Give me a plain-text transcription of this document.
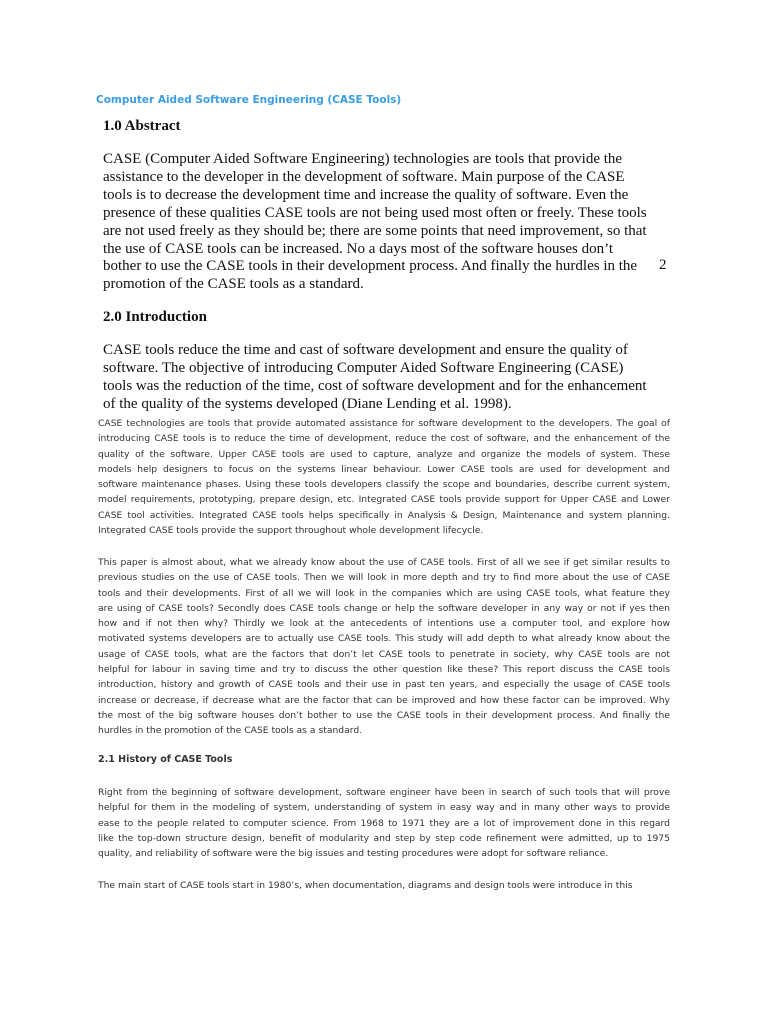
Computer Aided Software Engineering (CASE Tools)
1.0 Abstract
CASE (Computer Aided Software Engineering) technologies are tools that provide the
assistance to the developer in the development of software. Main purpose of the CASE
tools is to decrease the development time and increase the quality of software. Even the
presence of these qualities CASE tools are not being used most often or freely. These tools
are not used freely as they should be; there are some points that need improvement, so that
the use of CASE tools can be increased. No a days most of the software houses don’t
bother to use the CASE tools in their development process. And finally the hurdles in the
promotion of the CASE tools as a standard.
2
2.0 Introduction
CASE tools reduce the time and cast of software development and ensure the quality of
software. The objective of introducing Computer Aided Software Engineering (CASE)
tools was the reduction of the time, cost of software development and for the enhancement
of the quality of the systems developed (Diane Lending et al. 1998).
CASE technologies are tools that provide automated assistance for software development to the developers. The goal of
introducing CASE tools is to reduce the time of development, reduce the cost of software, and the enhancement of the
quality of the software. Upper CASE tools are used to capture, analyze and organize the models of system. These
models help designers to focus on the systems linear behaviour. Lower CASE tools are used for development and
software maintenance phases. Using these tools developers classify the scope and boundaries, describe current system,
model requirements, prototyping, prepare design, etc. Integrated CASE tools provide support for Upper CASE and Lower
CASE tool activities. Integrated CASE tools helps specifically in Analysis & Design, Maintenance and system planning.
Integrated CASE tools provide the support throughout whole development lifecycle.
This paper is almost about, what we already know about the use of CASE tools. First of all we see if get similar results to
previous studies on the use of CASE tools. Then we will look in more depth and try to find more about the use of CASE
tools and their developments. First of all we will look in the companies which are using CASE tools, what feature they
are using of CASE tools? Secondly does CASE tools change or help the software developer in any way or not if yes then
how and if not then why? Thirdly we look at the antecedents of intentions use a computer tool, and explore how
motivated systems developers are to actually use CASE tools. This study will add depth to what already know about the
usage of CASE tools, what are the factors that don’t let CASE tools to penetrate in society, why CASE tools are not
helpful for labour in saving time and try to discuss the other question like these? This report discuss the CASE tools
introduction, history and growth of CASE tools and their use in past ten years, and especially the usage of CASE tools
increase or decrease, if decrease what are the factor that can be improved and how these factor can be improved. Why
the most of the big software houses don’t bother to use the CASE tools in their development process. And finally the
hurdles in the promotion of the CASE tools as a standard.
2.1 History of CASE Tools
Right from the beginning of software development, software engineer have been in search of such tools that will prove
helpful for them in the modeling of system, understanding of system in easy way and in many other ways to provide
ease to the people related to computer science. From 1968 to 1971 they are a lot of improvement done in this regard
like the top-down structure design, benefit of modularity and step by step code refinement were admitted, up to 1975
quality, and reliability of software were the big issues and testing procedures were adopt for software reliance.
The main start of CASE tools start in 1980’s, when documentation, diagrams and design tools were introduce in this
